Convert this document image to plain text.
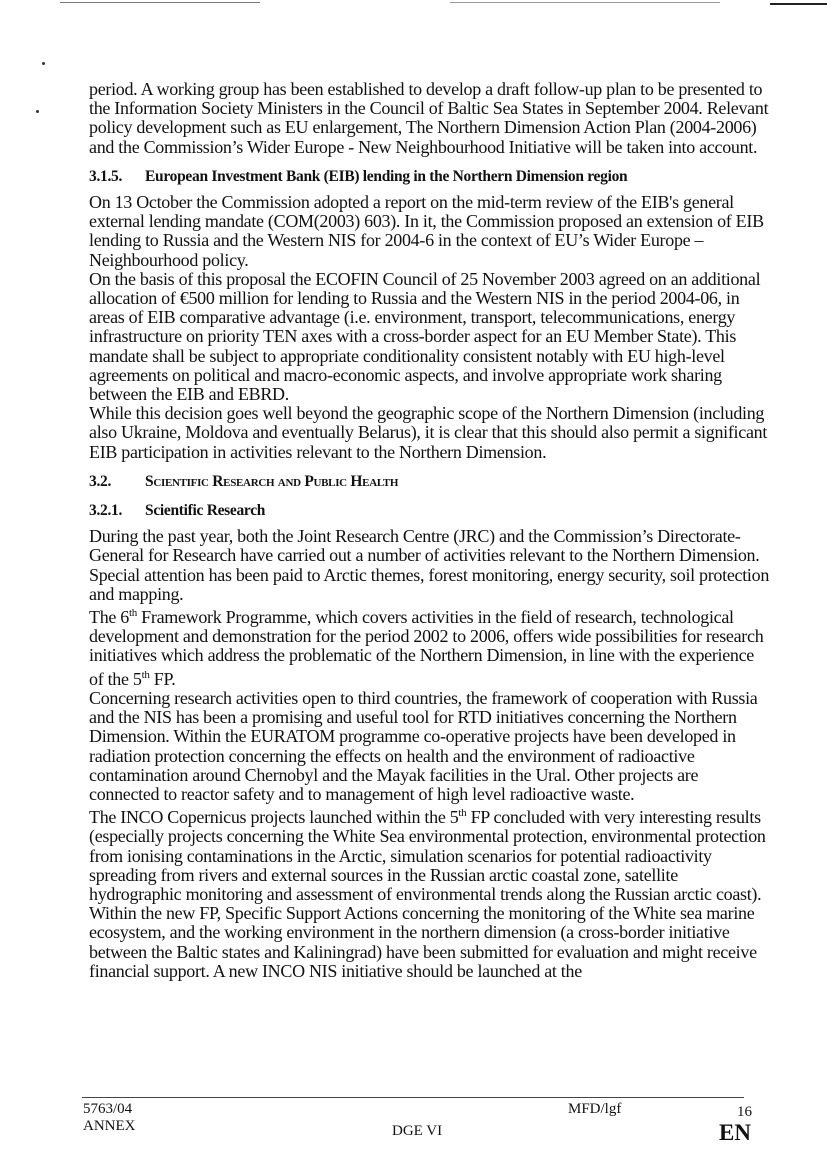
period. A working group has been established to develop a draft follow-up plan to be presented to the Information Society Ministers in the Council of Baltic Sea States in September 2004. Relevant policy development such as EU enlargement, The Northern Dimension Action Plan (2004-2006) and the Commission’s Wider Europe - New Neighbourhood Initiative will be taken into account.

3.1.5.	European Investment Bank (EIB) lending in the Northern Dimension region

On 13 October the Commission adopted a report on the mid-term review of the EIB's general external lending mandate (COM(2003) 603). In it, the Commission proposed an extension of EIB lending to Russia and the Western NIS for 2004-6 in the context of EU’s Wider Europe – Neighbourhood policy.

On the basis of this proposal the ECOFIN Council of 25 November 2003 agreed on an additional allocation of €500 million for lending to Russia and the Western NIS in the period 2004-06, in areas of EIB comparative advantage (i.e. environment, transport, telecommunications, energy infrastructure on priority TEN axes with a cross-border aspect for an EU Member State). This mandate shall be subject to appropriate conditionality consistent notably with EU high-level agreements on political and macro-economic aspects, and involve appropriate work sharing between the EIB and EBRD.

While this decision goes well beyond the geographic scope of the Northern Dimension (including also Ukraine, Moldova and eventually Belarus), it is clear that this should also permit a significant EIB participation in activities relevant to the Northern Dimension.

3.2.	Scientific Research and Public Health
3.2.1.	Scientific Research

During the past year, both the Joint Research Centre (JRC) and the Commission’s Directorate-General for Research have carried out a number of activities relevant to the Northern Dimension. Special attention has been paid to Arctic themes, forest monitoring, energy security, soil protection and mapping.

The 6th Framework Programme, which covers activities in the field of research, technological development and demonstration for the period 2002 to 2006, offers wide possibilities for research initiatives which address the problematic of the Northern Dimension, in line with the experience of the 5th FP.

Concerning research activities open to third countries, the framework of cooperation with Russia and the NIS has been a promising and useful tool for RTD initiatives concerning the Northern Dimension. Within the EURATOM programme co-operative projects have been developed in radiation protection concerning the effects on health and the environment of radioactive contamination around Chernobyl and the Mayak facilities in the Ural. Other projects are connected to reactor safety and to management of high level radioactive waste.

The INCO Copernicus projects launched within the 5th FP concluded with very interesting results (especially projects concerning the White Sea environmental protection, environmental protection from ionising contaminations in the Arctic, simulation scenarios for potential radioactivity spreading from rivers and external sources in the Russian arctic coastal zone, satellite hydrographic monitoring and assessment of environmental trends along the Russian arctic coast).

Within the new FP, Specific Support Actions concerning the monitoring of the White sea marine ecosystem, and the working environment in the northern dimension (a cross-border initiative between the Baltic states and Kaliningrad) have been submitted for evaluation and might receive financial support. A new INCO NIS initiative should be launched at the

5763/04
ANNEX	DGE VI
MFD/lgf	16
EN
